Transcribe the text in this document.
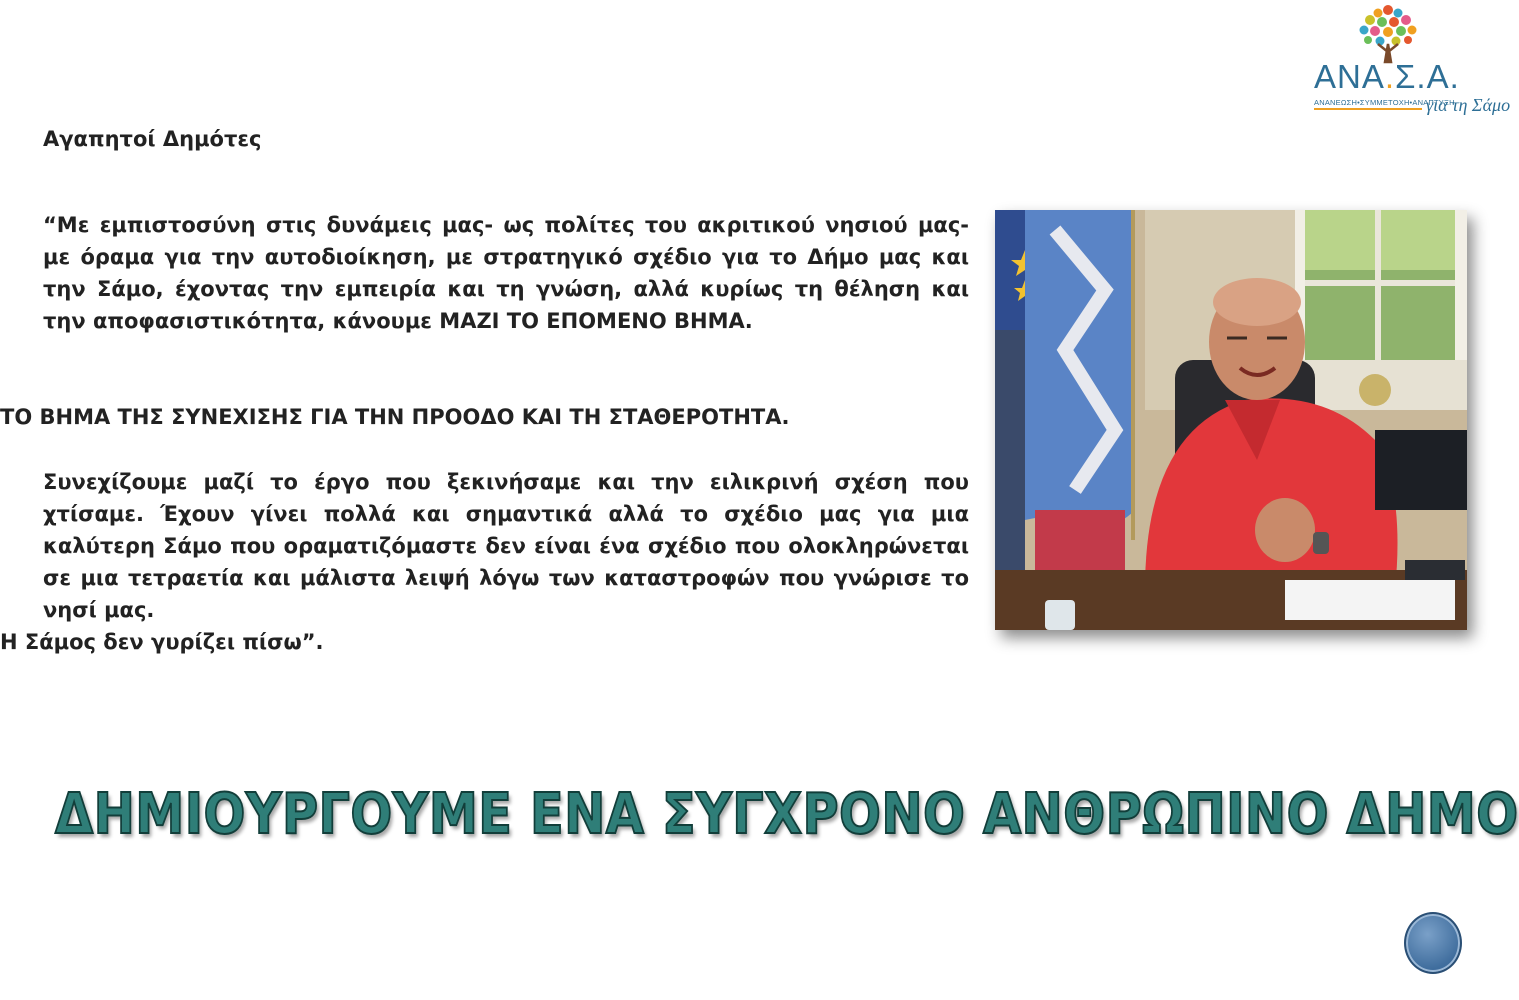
ΑΝΑ.Σ.Α.
ΑΝΑΝΕΩΣΗ•ΣΥΜΜΕΤΟΧΗ•ΑΝΑΠΤΥΞΗ
για τη Σάμο
Αγαπητοί Δημότες
“Με εμπιστοσύνη στις δυνάμεις μας- ως πολίτες του ακριτικού νησιού μας- με όραμα για την αυτοδιοίκηση, με στρατηγικό σχέδιο για το Δήμο μας και την Σάμο, έχοντας την εμπειρία και τη γνώση, αλλά κυρίως τη θέληση και την αποφασιστικότητα, κάνουμε ΜΑΖΙ ΤΟ ΕΠΟΜΕΝΟ ΒΗΜΑ.
ΤΟ ΒΗΜΑ ΤΗΣ ΣΥΝΕΧΙΣΗΣ ΓΙΑ ΤΗΝ ΠΡΟΟΔΟ ΚΑΙ ΤΗ ΣΤΑΘΕΡΟΤΗΤΑ.
Συνεχίζουμε μαζί το έργο που ξεκινήσαμε και την ειλικρινή σχέση που χτίσαμε. Έχουν γίνει πολλά και σημαντικά αλλά το σχέδιο μας για μια καλύτερη Σάμο που οραματιζόμαστε δεν είναι ένα σχέδιο που ολοκληρώνεται σε μια τετραετία και μάλιστα λειψή λόγω των καταστροφών που γνώρισε το νησί μας.
Η Σάμος δεν γυρίζει πίσω”.
ΔΗΜΙΟΥΡΓΟΥΜΕ ΕΝΑ ΣΥΓΧΡΟΝΟ ΑΝΘΡΩΠΙΝΟ ΔΗΜΟ
